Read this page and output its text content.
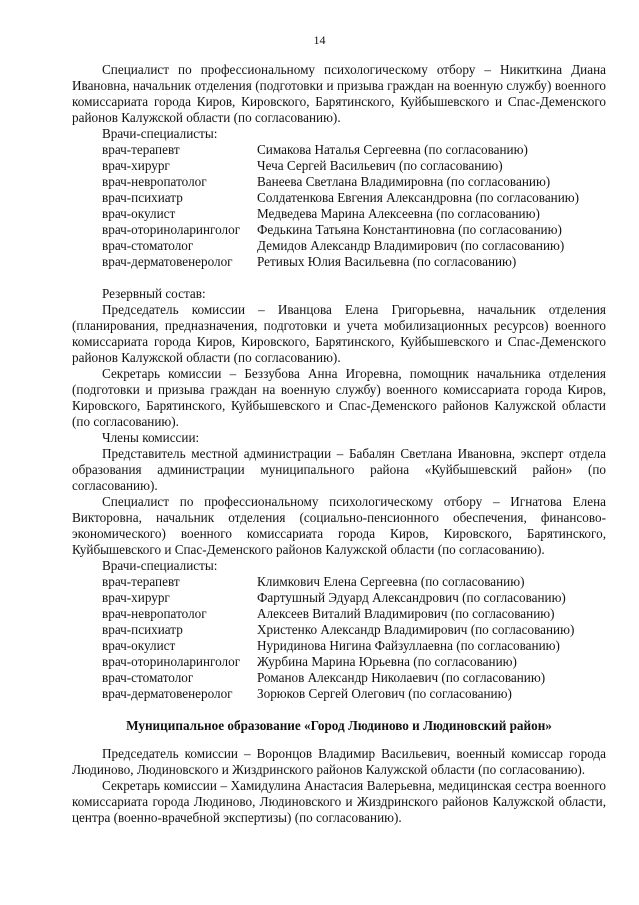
14

Специалист по профессиональному психологическому отбору – Никиткина Диана Ивановна, начальник отделения (подготовки и призыва граждан на военную службу) военного комиссариата города Киров, Кировского, Барятинского, Куйбышевского и Спас-Деменского районов Калужской области (по согласованию).

Врачи-специалисты:

врач-терапевт	Симакова Наталья Сергеевна (по согласованию)
врач-хирург	Чеча Сергей Васильевич (по согласованию)
врач-невропатолог	Ванеева Светлана Владимировна (по согласованию)
врач-психиатр	Солдатенкова Евгения Александровна (по согласованию)
врач-окулист	Медведева Марина Алексеевна (по согласованию)
врач-оториноларинголог	Федькина Татьяна Константиновна (по согласованию)
врач-стоматолог	Демидов Александр Владимирович (по согласованию)
врач-дерматовенеролог	Ретивых Юлия Васильевна (по согласованию)

Резервный состав:

Председатель комиссии – Иванцова Елена Григорьевна, начальник отделения (планирования, предназначения, подготовки и учета мобилизационных ресурсов) военного комиссариата города Киров, Кировского, Барятинского, Куйбышевского и Спас-Деменского районов Калужской области (по согласованию).

Секретарь комиссии – Беззубова Анна Игоревна, помощник начальника отделения (подготовки и призыва граждан на военную службу) военного комиссариата города Киров, Кировского, Барятинского, Куйбышевского и Спас-Деменского районов Калужской области (по согласованию).

Члены комиссии:

Представитель местной администрации – Бабалян Светлана Ивановна, эксперт отдела образования администрации муниципального района «Куйбышевский район» (по согласованию).

Специалист по профессиональному психологическому отбору – Игнатова Елена Викторовна, начальник отделения (социально-пенсионного обеспечения, финансово-экономического) военного комиссариата города Киров, Кировского, Барятинского, Куйбышевского и Спас-Деменского районов Калужской области (по согласованию).

Врачи-специалисты:

врач-терапевт	Климкович Елена Сергеевна (по согласованию)
врач-хирург	Фартушный Эдуард Александрович (по согласованию)
врач-невропатолог	Алексеев Виталий Владимирович (по согласованию)
врач-психиатр	Христенко Александр Владимирович (по согласованию)
врач-окулист	Нуридинова Нигина Файзуллаевна (по согласованию)
врач-оториноларинголог	Журбина Марина Юрьевна (по согласованию)
врач-стоматолог	Романов Александр Николаевич (по согласованию)
врач-дерматовенеролог	Зорюков Сергей Олегович (по согласованию)
Муниципальное образование «Город Людиново и Людиновский район»

Председатель комиссии – Воронцов Владимир Васильевич, военный комиссар города Людиново, Людиновского и Жиздринского районов Калужской области (по согласованию).

Секретарь комиссии – Хамидулина Анастасия Валерьевна, медицинская сестра военного комиссариата города Людиново, Людиновского и Жиздринского районов Калужской области, центра (военно-врачебной экспертизы) (по согласованию).
